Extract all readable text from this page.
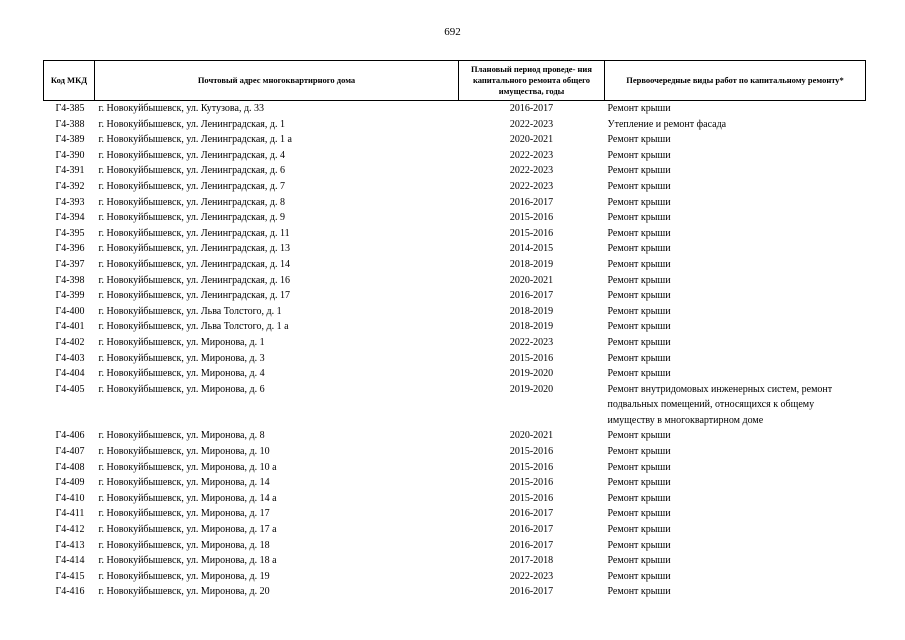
692
Код МКД	Почтовый адрес многоквартирного дома	Плановый период проведе- ния капитального ремонта общего имущества, годы	Первоочередные виды работ по капитальному ремонту*
Г4-385	г. Новокуйбышевск, ул. Кутузова, д. 33	2016-2017	Ремонт крыши
Г4-388	г. Новокуйбышевск, ул. Ленинградская, д. 1	2022-2023	Утепление и ремонт фасада
Г4-389	г. Новокуйбышевск, ул. Ленинградская, д. 1 а	2020-2021	Ремонт крыши
Г4-390	г. Новокуйбышевск, ул. Ленинградская, д. 4	2022-2023	Ремонт крыши
Г4-391	г. Новокуйбышевск, ул. Ленинградская, д. 6	2022-2023	Ремонт крыши
Г4-392	г. Новокуйбышевск, ул. Ленинградская, д. 7	2022-2023	Ремонт крыши
Г4-393	г. Новокуйбышевск, ул. Ленинградская, д. 8	2016-2017	Ремонт крыши
Г4-394	г. Новокуйбышевск, ул. Ленинградская, д. 9	2015-2016	Ремонт крыши
Г4-395	г. Новокуйбышевск, ул. Ленинградская, д. 11	2015-2016	Ремонт крыши
Г4-396	г. Новокуйбышевск, ул. Ленинградская, д. 13	2014-2015	Ремонт крыши
Г4-397	г. Новокуйбышевск, ул. Ленинградская, д. 14	2018-2019	Ремонт крыши
Г4-398	г. Новокуйбышевск, ул. Ленинградская, д. 16	2020-2021	Ремонт крыши
Г4-399	г. Новокуйбышевск, ул. Ленинградская, д. 17	2016-2017	Ремонт крыши
Г4-400	г. Новокуйбышевск, ул. Льва Толстого, д. 1	2018-2019	Ремонт крыши
Г4-401	г. Новокуйбышевск, ул. Льва Толстого, д. 1 а	2018-2019	Ремонт крыши
Г4-402	г. Новокуйбышевск, ул. Миронова, д. 1	2022-2023	Ремонт крыши
Г4-403	г. Новокуйбышевск, ул. Миронова, д. 3	2015-2016	Ремонт крыши
Г4-404	г. Новокуйбышевск, ул. Миронова, д. 4	2019-2020	Ремонт крыши
Г4-405	г. Новокуйбышевск, ул. Миронова, д. 6	2019-2020	Ремонт внутридомовых инженерных систем, ремонт подвальных помещений, относящихся к общему имуществу в многоквартирном доме
Г4-406	г. Новокуйбышевск, ул. Миронова, д. 8	2020-2021	Ремонт крыши
Г4-407	г. Новокуйбышевск, ул. Миронова, д. 10	2015-2016	Ремонт крыши
Г4-408	г. Новокуйбышевск, ул. Миронова, д. 10 а	2015-2016	Ремонт крыши
Г4-409	г. Новокуйбышевск, ул. Миронова, д. 14	2015-2016	Ремонт крыши
Г4-410	г. Новокуйбышевск, ул. Миронова, д. 14 а	2015-2016	Ремонт крыши
Г4-411	г. Новокуйбышевск, ул. Миронова, д. 17	2016-2017	Ремонт крыши
Г4-412	г. Новокуйбышевск, ул. Миронова, д. 17 а	2016-2017	Ремонт крыши
Г4-413	г. Новокуйбышевск, ул. Миронова, д. 18	2016-2017	Ремонт крыши
Г4-414	г. Новокуйбышевск, ул. Миронова, д. 18 а	2017-2018	Ремонт крыши
Г4-415	г. Новокуйбышевск, ул. Миронова, д. 19	2022-2023	Ремонт крыши
Г4-416	г. Новокуйбышевск, ул. Миронова, д. 20	2016-2017	Ремонт крыши
